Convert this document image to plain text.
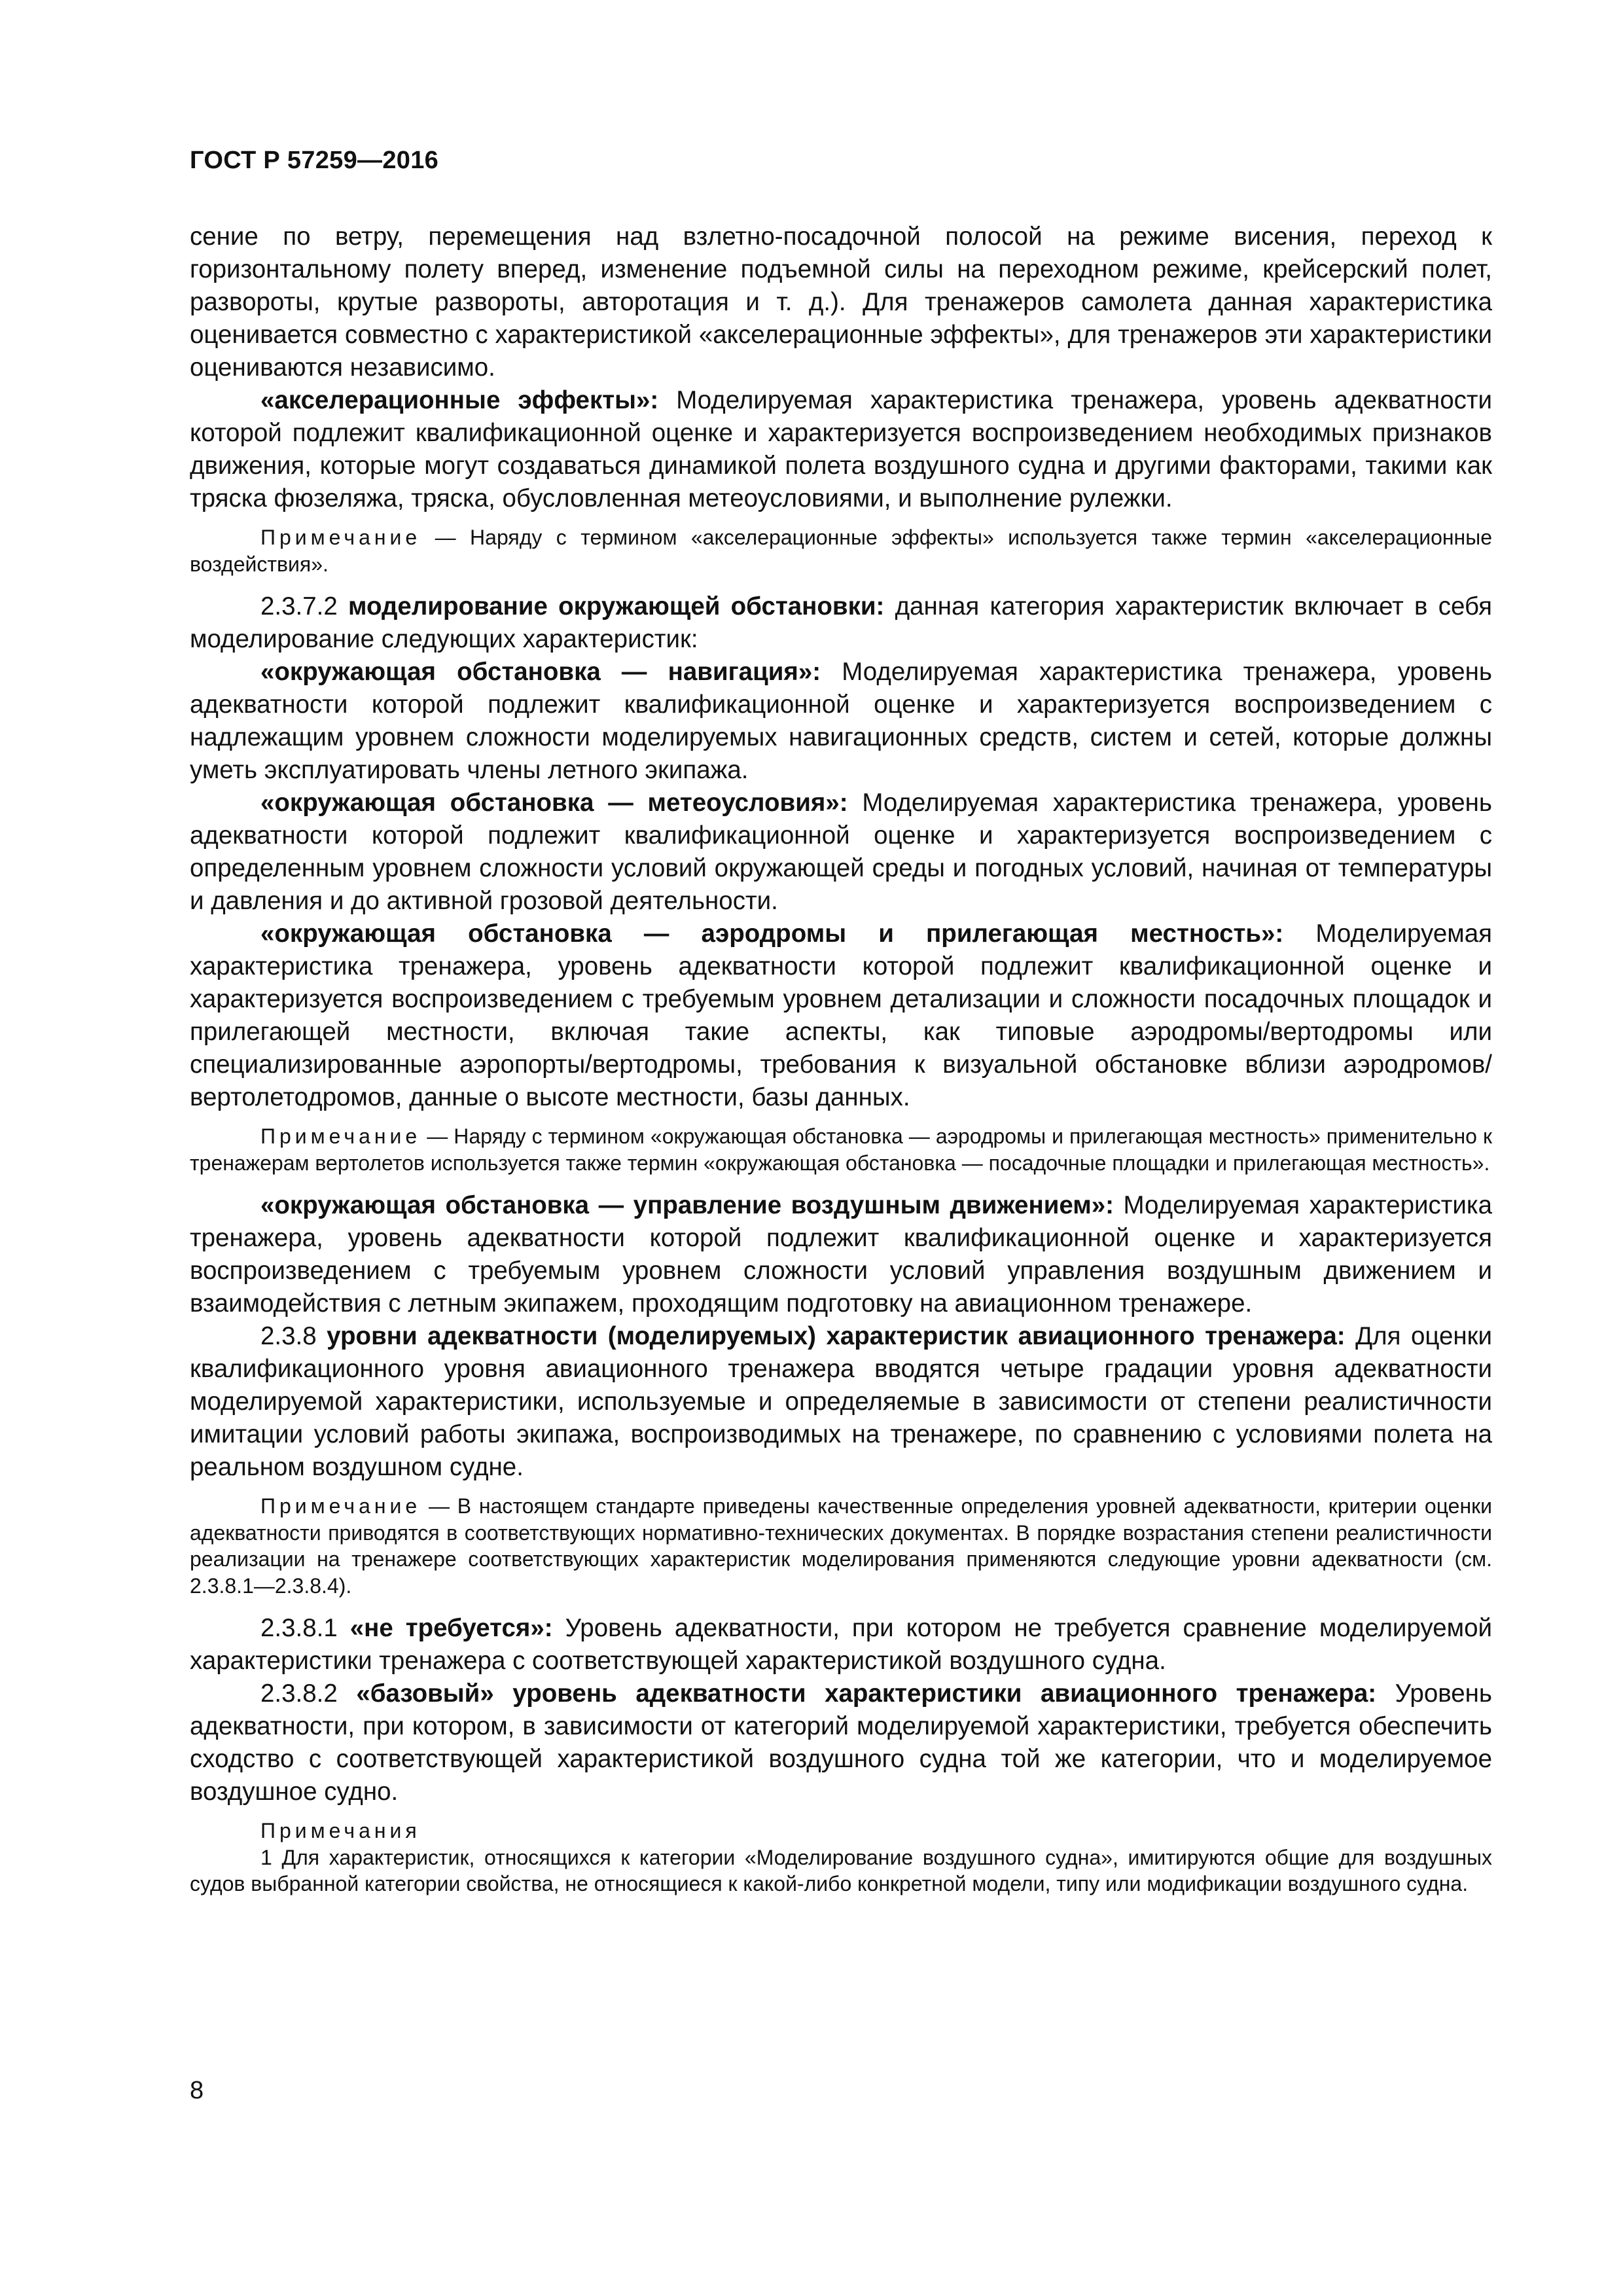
ГОСТ Р 57259—2016

сение по ветру, перемещения над взлетно-посадочной полосой на режиме висения, переход к горизонтальному полету вперед, изменение подъемной силы на переходном режиме, крейсерский полет, развороты, крутые развороты, авторотация и т. д.). Для тренажеров самолета данная характеристика оценивается совместно с характеристикой «акселерационные эффекты», для тренажеров эти характеристики оцениваются независимо.

«акселерационные эффекты»: Моделируемая характеристика тренажера, уровень адекватности которой подлежит квалификационной оценке и характеризуется воспроизведением необходимых признаков движения, которые могут создаваться динамикой полета воздушного судна и другими факторами, такими как тряска фюзеляжа, тряска, обусловленная метеоусловиями, и выполнение рулежки.

Примечание — Наряду с термином «акселерационные эффекты» используется также термин «акселерационные воздействия».

2.3.7.2 моделирование окружающей обстановки: данная категория характеристик включает в себя моделирование следующих характеристик:

«окружающая обстановка — навигация»: Моделируемая характеристика тренажера, уровень адекватности которой подлежит квалификационной оценке и характеризуется воспроизведением с надлежащим уровнем сложности моделируемых навигационных средств, систем и сетей, которые должны уметь эксплуатировать члены летного экипажа.

«окружающая обстановка — метеоусловия»: Моделируемая характеристика тренажера, уровень адекватности которой подлежит квалификационной оценке и характеризуется воспроизведением с определенным уровнем сложности условий окружающей среды и погодных условий, начиная от температуры и давления и до активной грозовой деятельности.

«окружающая обстановка — аэродромы и прилегающая местность»: Моделируемая характеристика тренажера, уровень адекватности которой подлежит квалификационной оценке и характеризуется воспроизведением с требуемым уровнем детализации и сложности посадочных площадок и прилегающей местности, включая такие аспекты, как типовые аэродромы/вертодромы или специализированные аэропорты/вертодромы, требования к визуальной обстановке вблизи аэродромов/вертолетодромов, данные о высоте местности, базы данных.

Примечание — Наряду с термином «окружающая обстановка — аэродромы и прилегающая местность» применительно к тренажерам вертолетов используется также термин «окружающая обстановка — посадочные площадки и прилегающая местность».

«окружающая обстановка — управление воздушным движением»: Моделируемая характеристика тренажера, уровень адекватности которой подлежит квалификационной оценке и характеризуется воспроизведением с требуемым уровнем сложности условий управления воздушным движением и взаимодействия с летным экипажем, проходящим подготовку на авиационном тренажере.

2.3.8 уровни адекватности (моделируемых) характеристик авиационного тренажера: Для оценки квалификационного уровня авиационного тренажера вводятся четыре градации уровня адекватности моделируемой характеристики, используемые и определяемые в зависимости от степени реалистичности имитации условий работы экипажа, воспроизводимых на тренажере, по сравнению с условиями полета на реальном воздушном судне.

Примечание — В настоящем стандарте приведены качественные определения уровней адекватности, критерии оценки адекватности приводятся в соответствующих нормативно-технических документах. В порядке возрастания степени реалистичности реализации на тренажере соответствующих характеристик моделирования применяются следующие уровни адекватности (см. 2.3.8.1—2.3.8.4).

2.3.8.1 «не требуется»: Уровень адекватности, при котором не требуется сравнение моделируемой характеристики тренажера с соответствующей характеристикой воздушного судна.

2.3.8.2 «базовый» уровень адекватности характеристики авиационного тренажера: Уровень адекватности, при котором, в зависимости от категорий моделируемой характеристики, требуется обеспечить сходство с соответствующей характеристикой воздушного судна той же категории, что и моделируемое воздушное судно.

Примечания

1 Для характеристик, относящихся к категории «Моделирование воздушного судна», имитируются общие для воздушных судов выбранной категории свойства, не относящиеся к какой-либо конкретной модели, типу или модификации воздушного судна.

8
